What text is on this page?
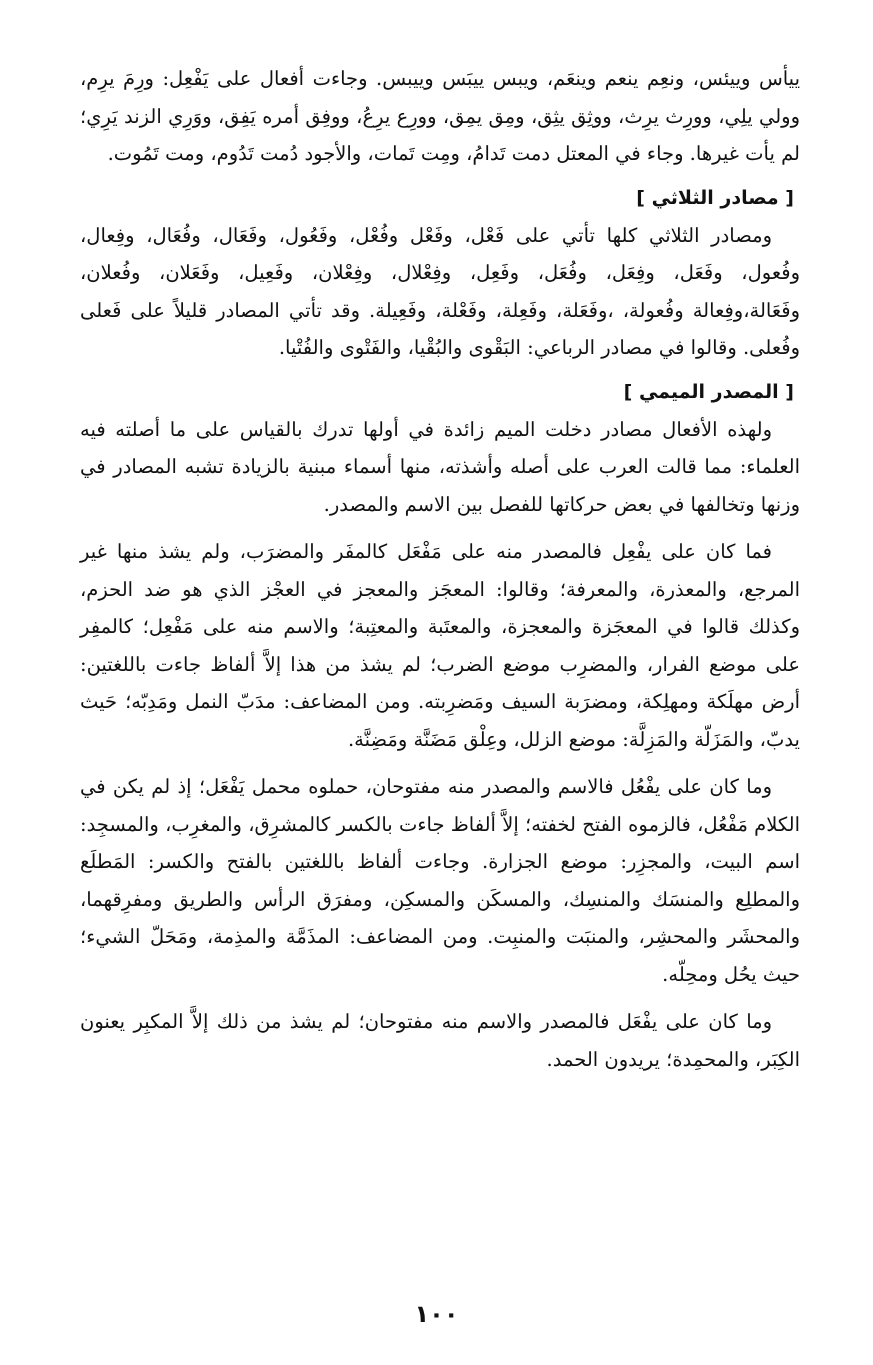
ييأس وييئس، ونعِم ينعم وينعَم، ويبس ييبَس وييبس. وجاءت أفعال على يَفْعِل: ورِمَ يرِم، وولي يلِي، وورِث يرِث، ووثِق يثِق، ومِق يمِق، وورِع يرِعُ، ووفِق أمره يَفِق، ووَرِي الزند يَرِي؛ لم يأت غيرها. وجاء في المعتل دمت تَدامُ، ومِت تَمات، والأجود دُمت تَدُوم، ومت تَمُوت.

[ مصادر الثلاثي ]

ومصادر الثلاثي كلها تأتي على فَعْل، وفَعْل وفُعْل، وفَعُول، وفَعَال، وفُعَال، وفِعال، وفُعول، وفَعَل، وفِعَل، وفُعَل، وفَعِل، وفِعْلال، وفِعْلان، وفَعِيل، وفَعَلان، وفُعلان، وفَعَالة،وفِعالة وفُعولة، ،وفَعَلة، وفَعِلة، وفَعْلة، وفَعِيلة. وقد تأتي المصادر قليلاً على فَعلى وفُعلى. وقالوا في مصادر الرباعي: البَقْوى والبُقْيا، والفَتْوى والفُتْيا.

[ المصدر الميمي ]

ولهذه الأفعال مصادر دخلت الميم زائدة في أولها تدرك بالقياس على ما أصلته فيه العلماء: مما قالت العرب على أصله وأشذته، منها أسماء مبنية بالزيادة تشبه المصادر في وزنها وتخالفها في بعض حركاتها للفصل بين الاسم والمصدر.

فما كان على يفْعِل فالمصدر منه على مَفْعَل كالمفَر والمضرَب، ولم يشذ منها غير المرجع، والمعذرة، والمعرفة؛ وقالوا: المعجَز والمعجز في العجْز الذي هو ضد الحزم، وكذلك قالوا في المعجَزة والمعجزة، والمعتَبة والمعتِبة؛ والاسم منه على مَفْعِل؛ كالمفِر على موضع الفرار، والمضرِب موضع الضرب؛ لم يشذ من هذا إلاَّ ألفاظ جاءت باللغتين: أرض مهلَكة ومهلِكة، ومضرَبة السيف ومَضرِبته. ومن المضاعف: مدَبّ النمل ومَدِبّه؛ حَيث يدبّ، والمَزَلّة والمَزِلَّة: موضع الزلل، وعِلْق مَضَنَّة ومَضِنَّة.

وما كان على يفْعُل فالاسم والمصدر منه مفتوحان، حملوه محمل يَفْعَل؛ إذ لم يكن في الكلام مَفْعُل، فالزموه الفتح لخفته؛ إلاَّ ألفاظ جاءت بالكسر كالمشرِق، والمغرِب، والمسجِد: اسم البيت، والمجزِر: موضع الجزارة. وجاءت ألفاظ باللغتين بالفتح والكسر: المَطلَع والمطلِع والمنسَك والمنسِك، والمسكَن والمسكِن، ومفرَق الرأس والطريق ومفرِقهما، والمحشَر والمحشِر، والمنبَت والمنبِت. ومن المضاعف: المذَمَّة والمذِمة، ومَحَلّ الشيء؛ حيث يحُل ومحِلّه.

وما كان على يفْعَل فالمصدر والاسم منه مفتوحان؛ لم يشذ من ذلك إلاَّ المكبِر يعنون الكِبَر، والمحمِدة؛ يريدون الحمد.

١٠٠
